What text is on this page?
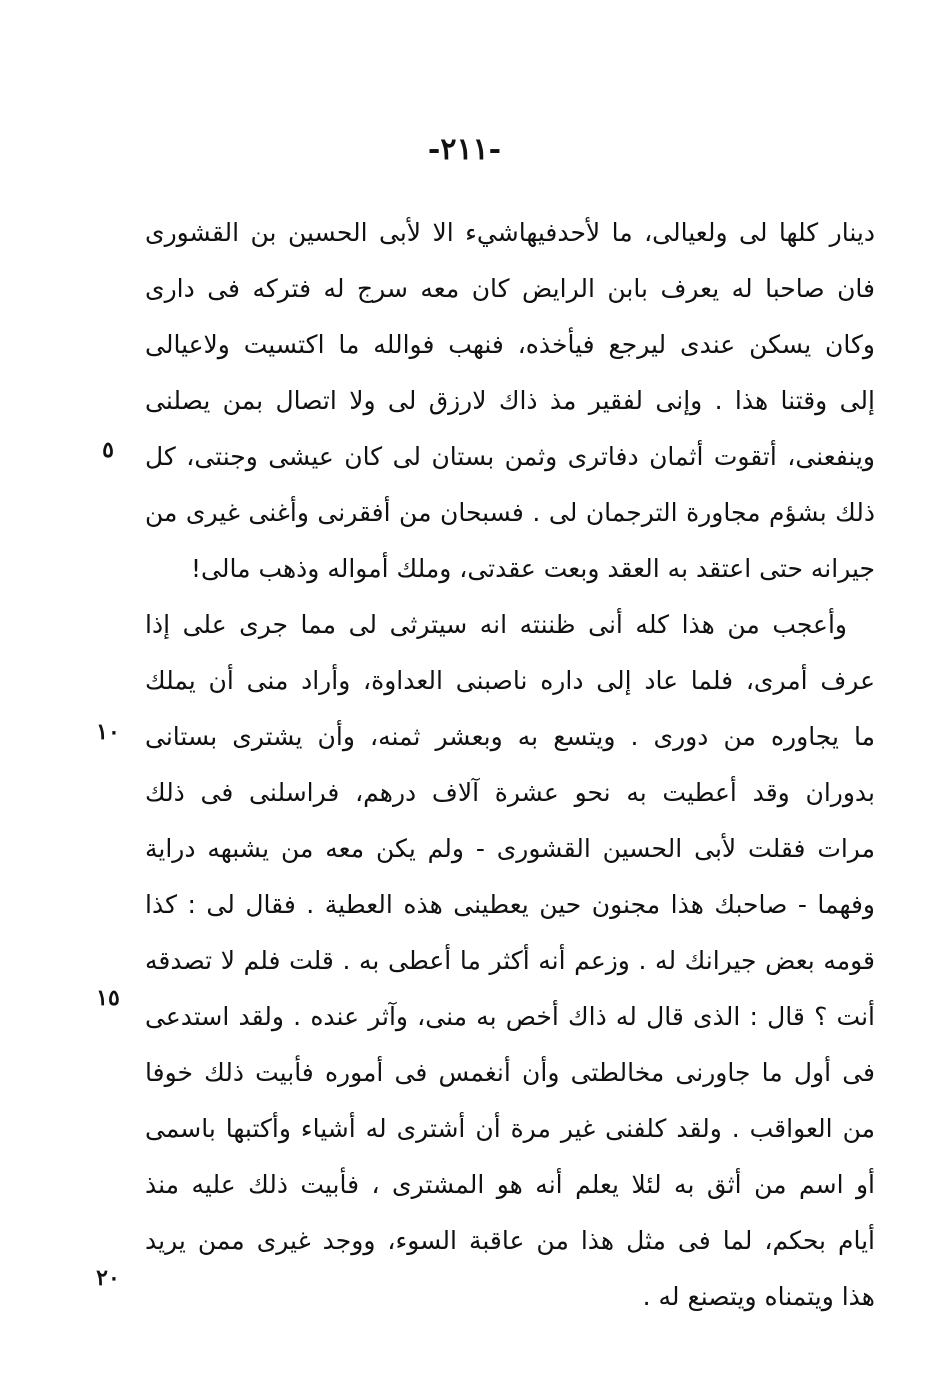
-٢١١-
دينار كلها لى ولعيالى، ما لأحدفيهاشيء الا لأبى الحسين بن القشورى
فان صاحبا له يعرف بابن الرايض كان معه سرج له فتركه فى دارى
وكان يسكن عندى ليرجع فيأخذه، فنهب فوالله ما اكتسيت ولاعيالى
إلى وقتنا هذا . وإنى لفقير مذ ذاك لارزق لى ولا اتصال بمن يصلنى
وينفعنى، أتقوت أثمان دفاترى وثمن بستان لى كان عيشى وجنتى، كل
ذلك بشؤم مجاورة الترجمان لى . فسبحان من أفقرنى وأغنى غيرى من
جيرانه حتى اعتقد به العقد وبعت عقدتى، وملك أمواله وذهب مالى!
وأعجب من هذا كله أنى ظننته انه سيترثى لى مما جرى على إذا
عرف أمرى، فلما عاد إلى داره ناصبنى العداوة، وأراد منى أن يملك
ما يجاوره من دورى . ويتسع به وبعشر ثمنه، وأن يشترى بستانى
بدوران وقد أعطيت به نحو عشرة آلاف درهم، فراسلنى فى ذلك
مرات فقلت لأبى الحسين القشورى - ولم يكن معه من يشبهه دراية
وفهما - صاحبك هذا مجنون حين يعطينى هذه العطية . فقال لى : كذا
قومه بعض جيرانك له . وزعم أنه أكثر ما أعطى به . قلت فلم لا تصدقه
أنت ؟ قال : الذى قال له ذاك أخص به منى، وآثر عنده . ولقد استدعى
فى أول ما جاورنى مخالطتى وأن أنغمس فى أموره فأبيت ذلك خوفا
من العواقب . ولقد كلفنى غير مرة أن أشترى له أشياء وأكتبها باسمى
أو اسم من أثق به لئلا يعلم أنه هو المشترى ، فأبيت ذلك عليه منذ
أيام بحكم، لما فى مثل هذا من عاقبة السوء، ووجد غيرى ممن يريد
هذا ويتمناه ويتصنع له .
٥
١٠
١٥
٢٠
